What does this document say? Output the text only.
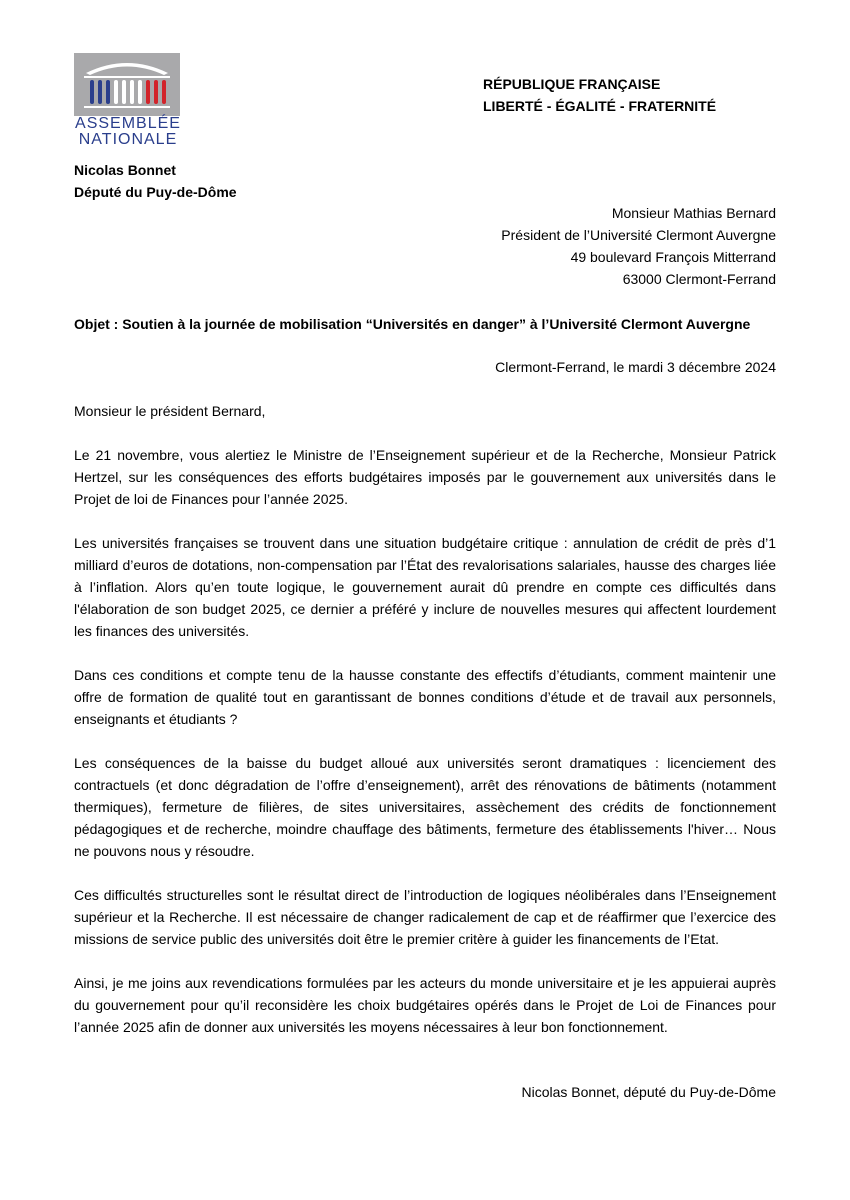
ASSEMBLÉE
NATIONALE
RÉPUBLIQUE FRANÇAISE
LIBERTÉ - ÉGALITÉ - FRATERNITÉ
Nicolas Bonnet
Député du Puy-de-Dôme
Monsieur Mathias Bernard
Président de l’Université Clermont Auvergne
49 boulevard François Mitterrand
63000 Clermont-Ferrand
Objet : Soutien à la journée de mobilisation “Universités en danger” à l’Université Clermont Auvergne
Clermont-Ferrand, le mardi 3 décembre 2024
Monsieur le président Bernard,

Le 21 novembre, vous alertiez le Ministre de l’Enseignement supérieur et de la Recherche, Monsieur Patrick Hertzel, sur les conséquences des efforts budgétaires imposés par le gouvernement aux universités dans le Projet de loi de Finances pour l’année 2025.

Les universités françaises se trouvent dans une situation budgétaire critique : annulation de crédit de près d’1 milliard d’euros de dotations, non-compensation par l’État des revalorisations salariales, hausse des charges liée à l’inflation. Alors qu’en toute logique, le gouvernement aurait dû prendre en compte ces difficultés dans l'élaboration de son budget 2025, ce dernier a préféré y inclure de nouvelles mesures qui affectent lourdement les finances des universités.

Dans ces conditions et compte tenu de la hausse constante des effectifs d’étudiants, comment maintenir une offre de formation de qualité tout en garantissant de bonnes conditions d’étude et de travail aux personnels, enseignants et étudiants ?

Les conséquences de la baisse du budget alloué aux universités seront dramatiques : licenciement des contractuels (et donc dégradation de l’offre d’enseignement), arrêt des rénovations de bâtiments (notamment thermiques), fermeture de filières, de sites universitaires, assèchement des crédits de fonctionnement pédagogiques et de recherche, moindre chauffage des bâtiments, fermeture des établissements l'hiver… Nous ne pouvons nous y résoudre.

Ces difficultés structurelles sont le résultat direct de l’introduction de logiques néolibérales dans l’Enseignement supérieur et la Recherche. Il est nécessaire de changer radicalement de cap et de réaffirmer que l’exercice des missions de service public des universités doit être le premier critère à guider les financements de l’Etat.

Ainsi, je me joins aux revendications formulées par les acteurs du monde universitaire et je les appuierai auprès du gouvernement pour qu’il reconsidère les choix budgétaires opérés dans le Projet de Loi de Finances pour l’année 2025 afin de donner aux universités les moyens nécessaires à leur bon fonctionnement.

Nicolas Bonnet, député du Puy-de-Dôme
